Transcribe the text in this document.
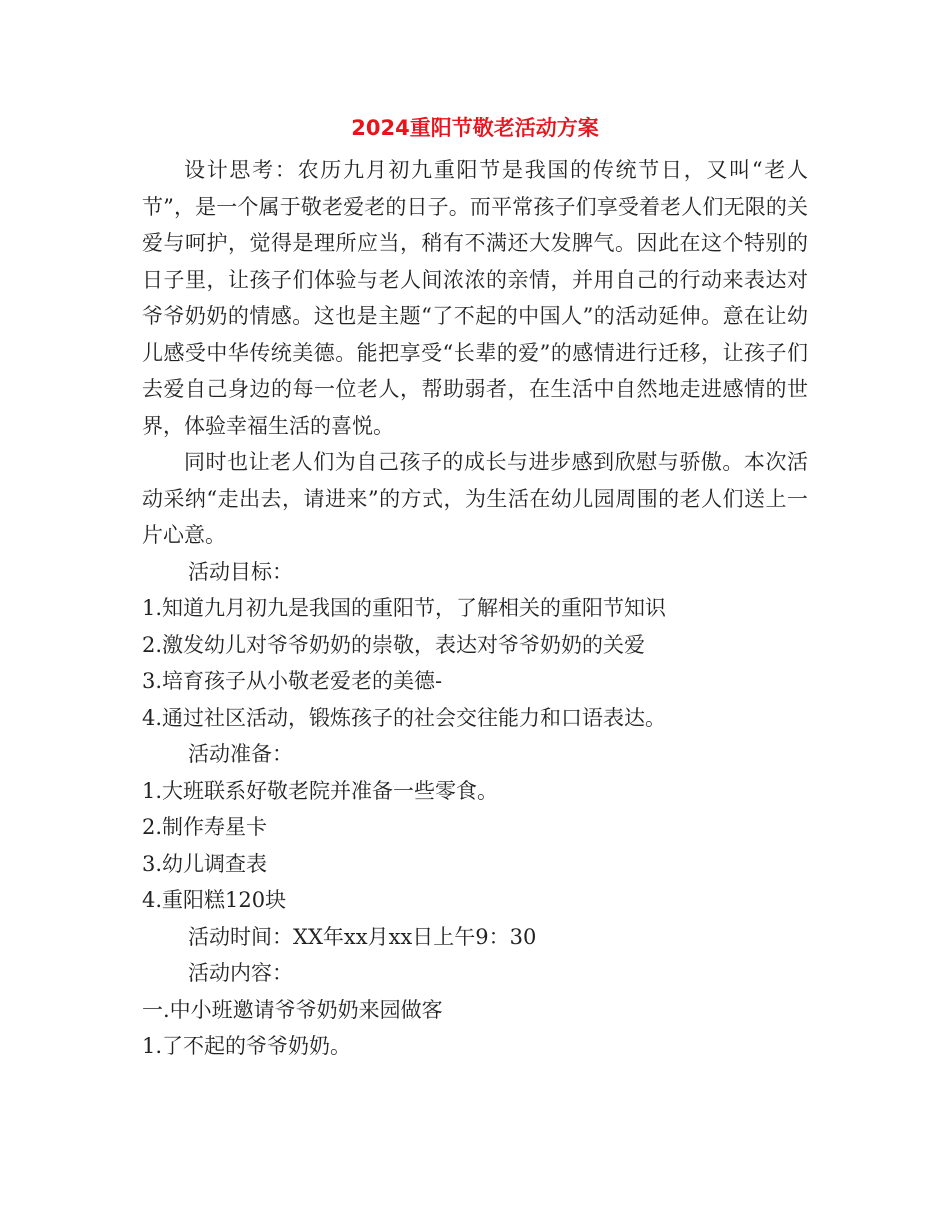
2024重阳节敬老活动方案

设计思考：农历九月初九重阳节是我国的传统节日，又叫“老人节”，是一个属于敬老爱老的日子。而平常孩子们享受着老人们无限的关爱与呵护，觉得是理所应当，稍有不满还大发脾气。因此在这个特别的日子里，让孩子们体验与老人间浓浓的亲情，并用自己的行动来表达对爷爷奶奶的情感。这也是主题“了不起的中国人”的活动延伸。意在让幼儿感受中华传统美德。能把享受“长辈的爱”的感情进行迁移，让孩子们去爱自己身边的每一位老人，帮助弱者，在生活中自然地走进感情的世界，体验幸福生活的喜悦。

同时也让老人们为自己孩子的成长与进步感到欣慰与骄傲。本次活动采纳“走出去，请进来”的方式，为生活在幼儿园周围的老人们送上一片心意。

活动目标：

1.知道九月初九是我国的重阳节，了解相关的重阳节知识

2.激发幼儿对爷爷奶奶的崇敬，表达对爷爷奶奶的关爱

3.培育孩子从小敬老爱老的美德-

4.通过社区活动，锻炼孩子的社会交往能力和口语表达。

活动准备：

1.大班联系好敬老院并准备一些零食。

2.制作寿星卡

3.幼儿调查表

4.重阳糕120块

活动时间：XX年xx月xx日上午9：30

活动内容：

一.中小班邀请爷爷奶奶来园做客

1.了不起的爷爷奶奶。
